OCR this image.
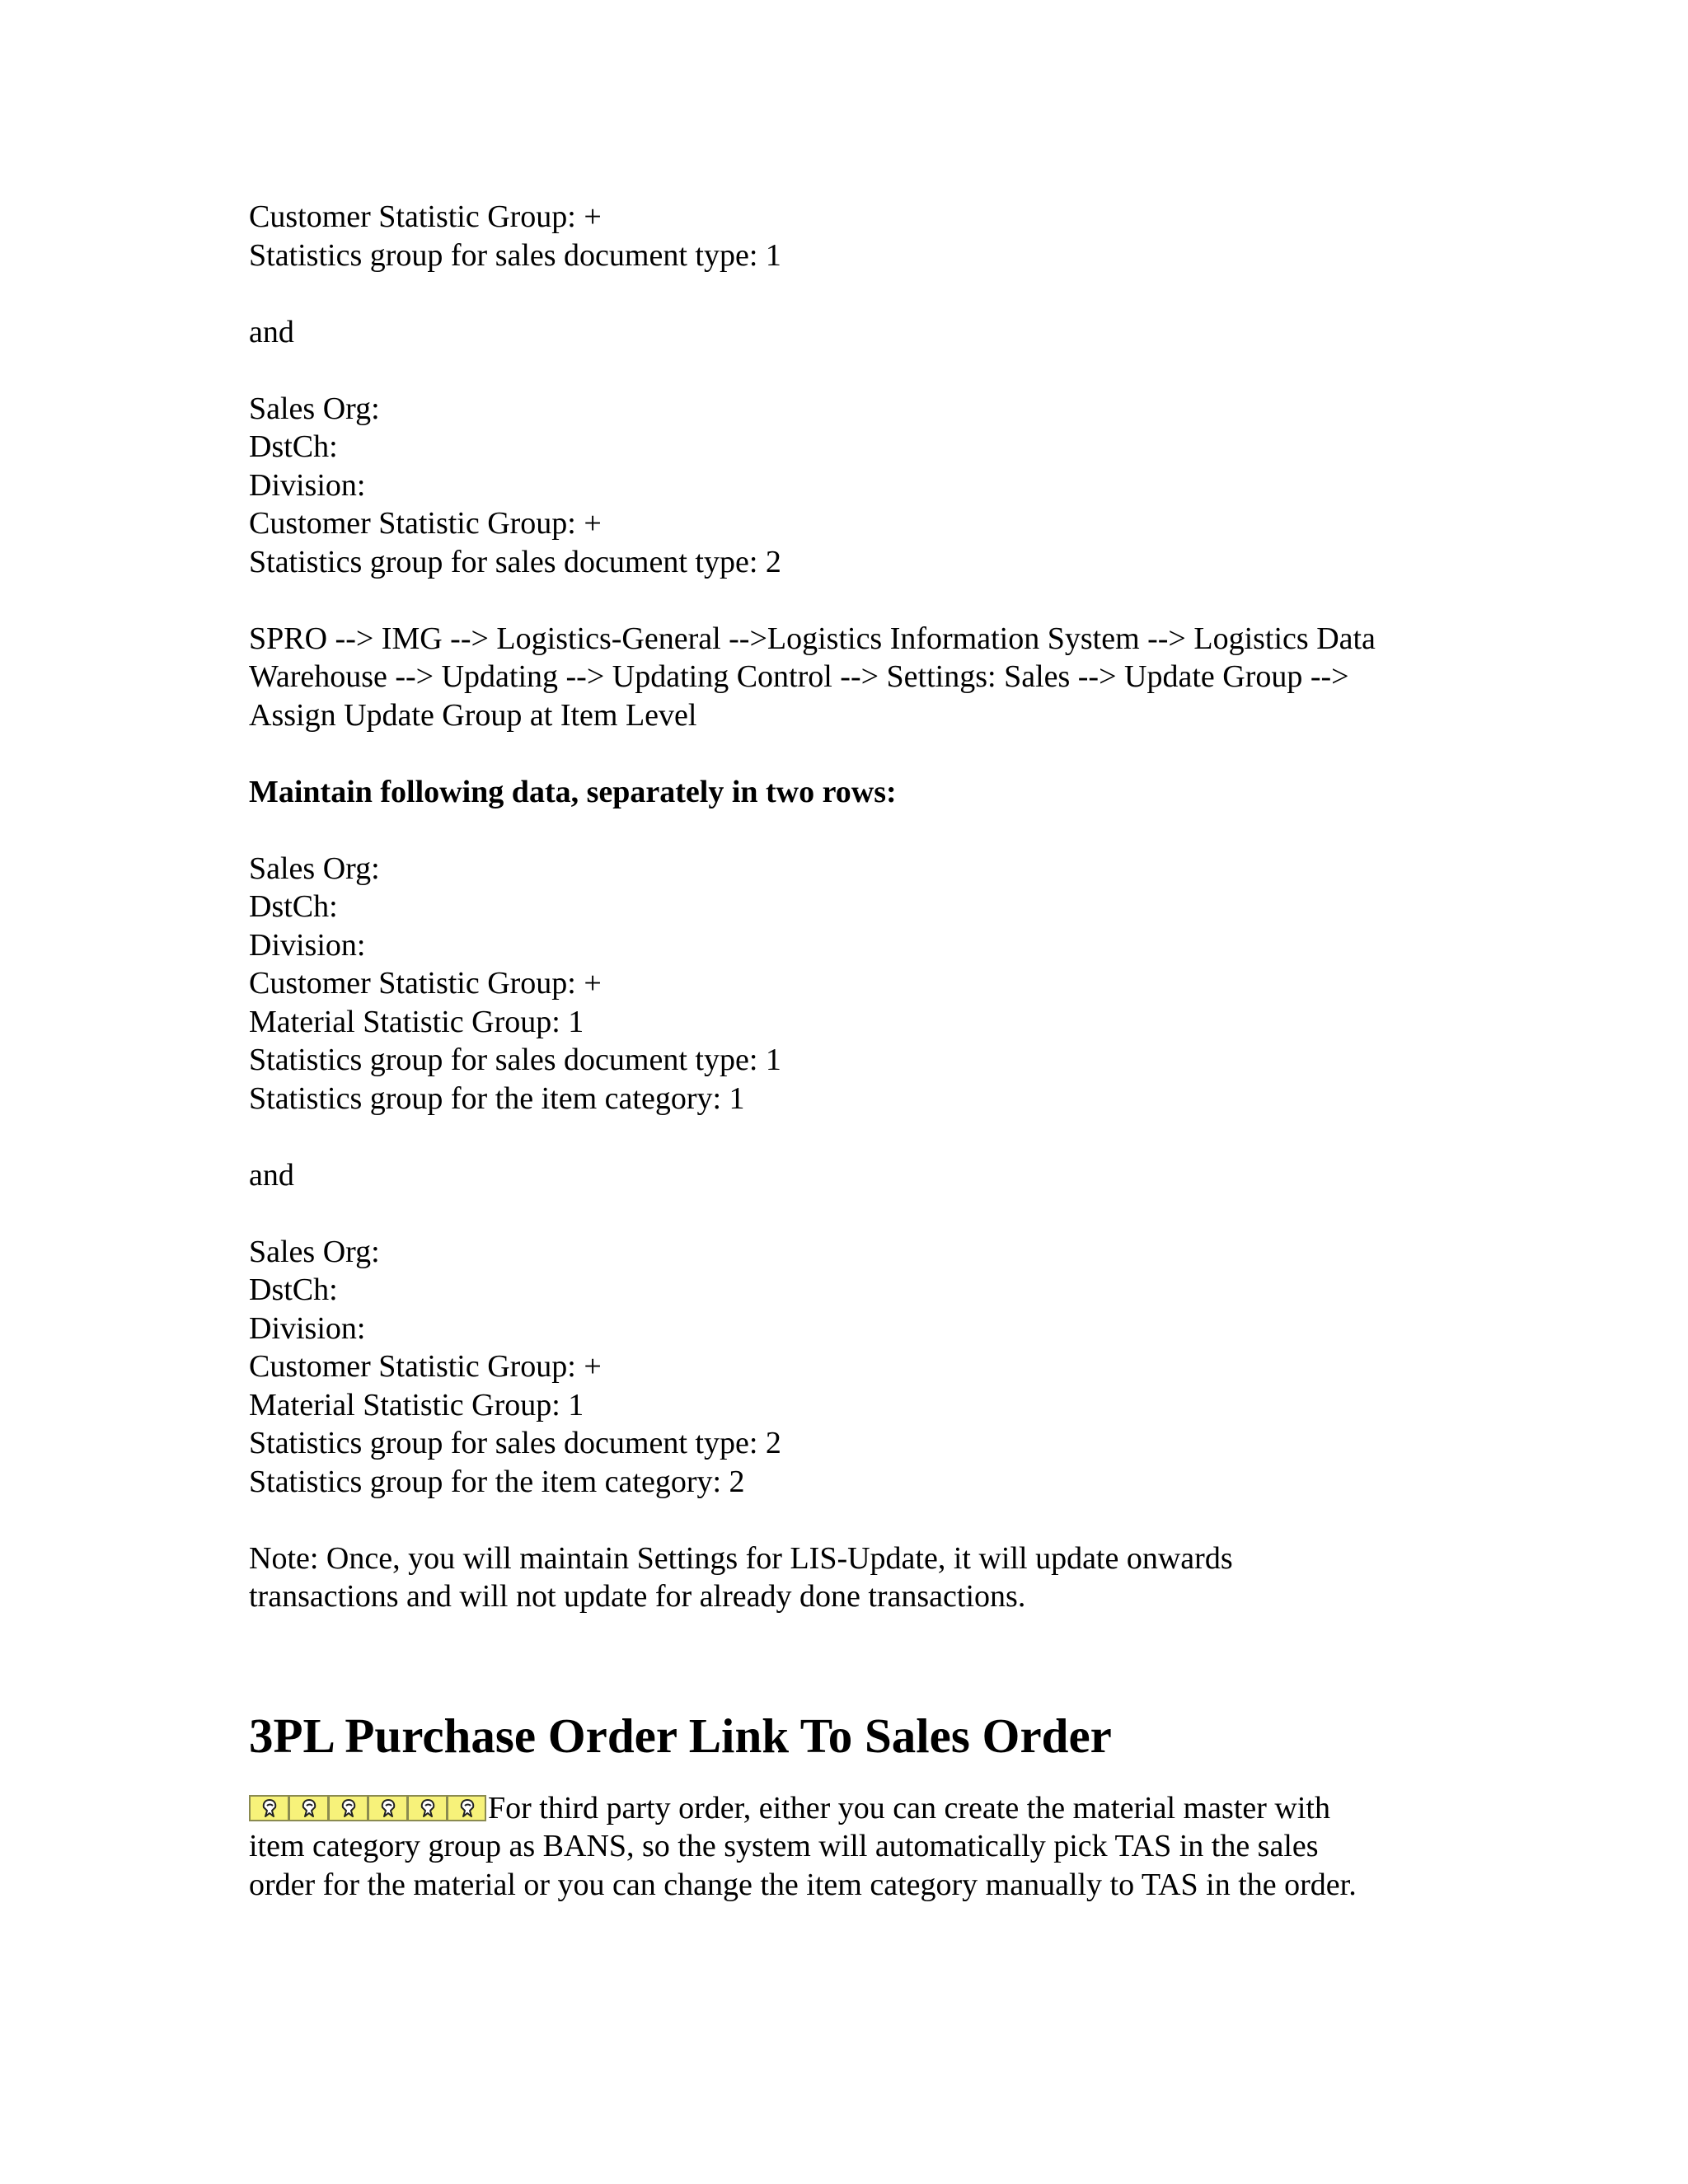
Customer Statistic Group: +
Statistics group for sales document type: 1
and
Sales Org:
DstCh:
Division:
Customer Statistic Group: +
Statistics group for sales document type: 2
SPRO --> IMG --> Logistics-General -->Logistics Information System --> Logistics Data
Warehouse --> Updating --> Updating Control --> Settings: Sales --> Update Group -->
Assign Update Group at Item Level
Maintain following data, separately in two rows:
Sales Org:
DstCh:
Division:
Customer Statistic Group: +
Material Statistic Group: 1
Statistics group for sales document type: 1
Statistics group for the item category: 1
and
Sales Org:
DstCh:
Division:
Customer Statistic Group: +
Material Statistic Group: 1
Statistics group for sales document type: 2
Statistics group for the item category: 2
Note: Once, you will maintain Settings for LIS-Update, it will update onwards
transactions and will not update for already done transactions.
3PL Purchase Order Link To Sales Order
For third party order, either you can create the material master with
item category group as BANS, so the system will automatically pick TAS in the sales
order for the material or you can change the item category manually to TAS in the order.
